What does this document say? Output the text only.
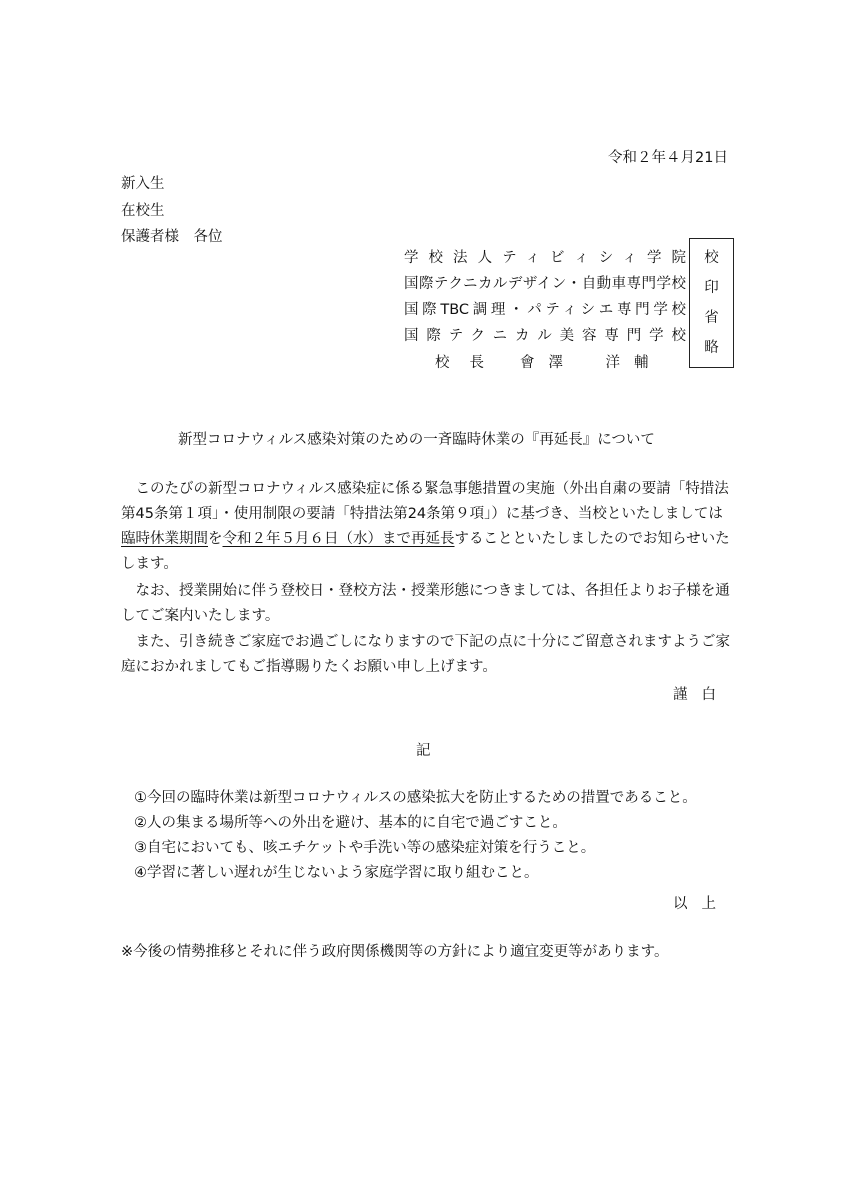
令和２年４月21日
新入生
在校生
保護者様　各位
学校法人ティビィシィ学院
国際テクニカルデザイン・自動車専門学校
国際TBC調理・パティシエ専門学校
国際テクニカル美容専門学校
校長 會澤　洋輔
校
印
省
略
新型コロナウィルス感染対策のための一斉臨時休業の『再延長』について

このたびの新型コロナウィルス感染症に係る緊急事態措置の実施（外出自粛の要請「特措法第45条第１項」・使用制限の要請「特措法第24条第９項」）に基づき、当校といたしましては臨時休業期間を令和２年５月６日（水）まで再延長することといたしましたのでお知らせいたします。

なお、授業開始に伴う登校日・登校方法・授業形態につきましては、各担任よりお子様を通してご案内いたします。

また、引き続きご家庭でお過ごしになりますので下記の点に十分にご留意されますようご家庭におかれましてもご指導賜りたくお願い申し上げます。

謹白
記
①今回の臨時休業は新型コロナウィルスの感染拡大を防止するための措置であること。
②人の集まる場所等への外出を避け、基本的に自宅で過ごすこと。
③自宅においても、咳エチケットや手洗い等の感染症対策を行うこと。
④学習に著しい遅れが生じないよう家庭学習に取り組むこと。
以上
※今後の情勢推移とそれに伴う政府関係機関等の方針により適宜変更等があります。
